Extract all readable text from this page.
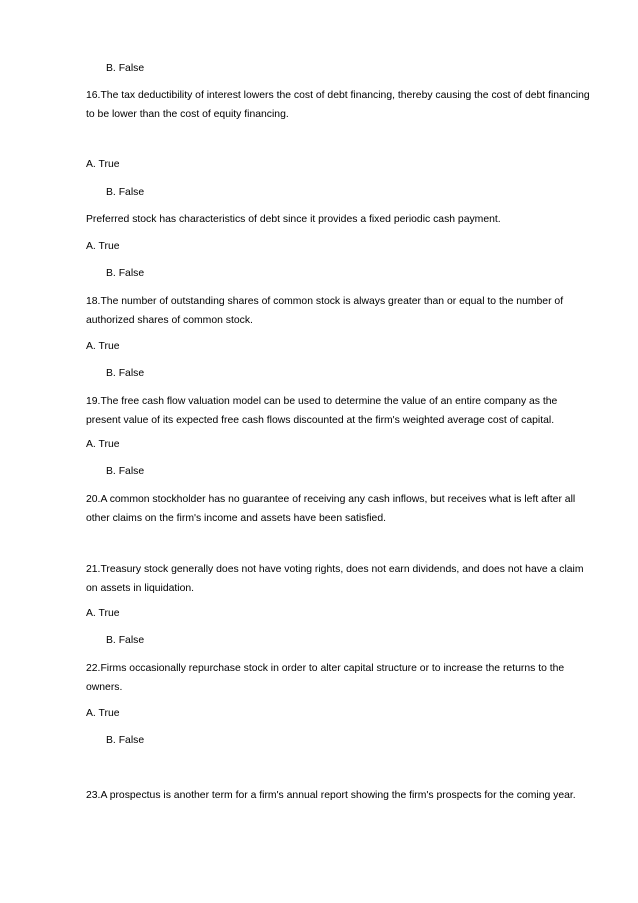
B. False
16.The tax deductibility of interest lowers the cost of debt financing, thereby causing the cost of debt financing to be lower than the cost of equity financing.
A. True
B. False
Preferred stock has characteristics of debt since it provides a fixed periodic cash payment.
A. True
B. False
18.The number of outstanding shares of common stock is always greater than or equal to the number of authorized shares of common stock.
A. True
B. False
19.The free cash flow valuation model can be used to determine the value of an entire company as the present value of its expected free cash flows discounted at the firm's weighted average cost of capital.
A. True
B. False
20.A common stockholder has no guarantee of receiving any cash inflows, but receives what is left after all other claims on the firm's income and assets have been satisfied.
21.Treasury stock generally does not have voting rights, does not earn dividends, and does not have a claim on assets in liquidation.
A. True
B. False
22.Firms occasionally repurchase stock in order to alter capital structure or to increase the returns to the owners.
A. True
B. False
23.A prospectus is another term for a firm's annual report showing the firm's prospects for the coming year.
